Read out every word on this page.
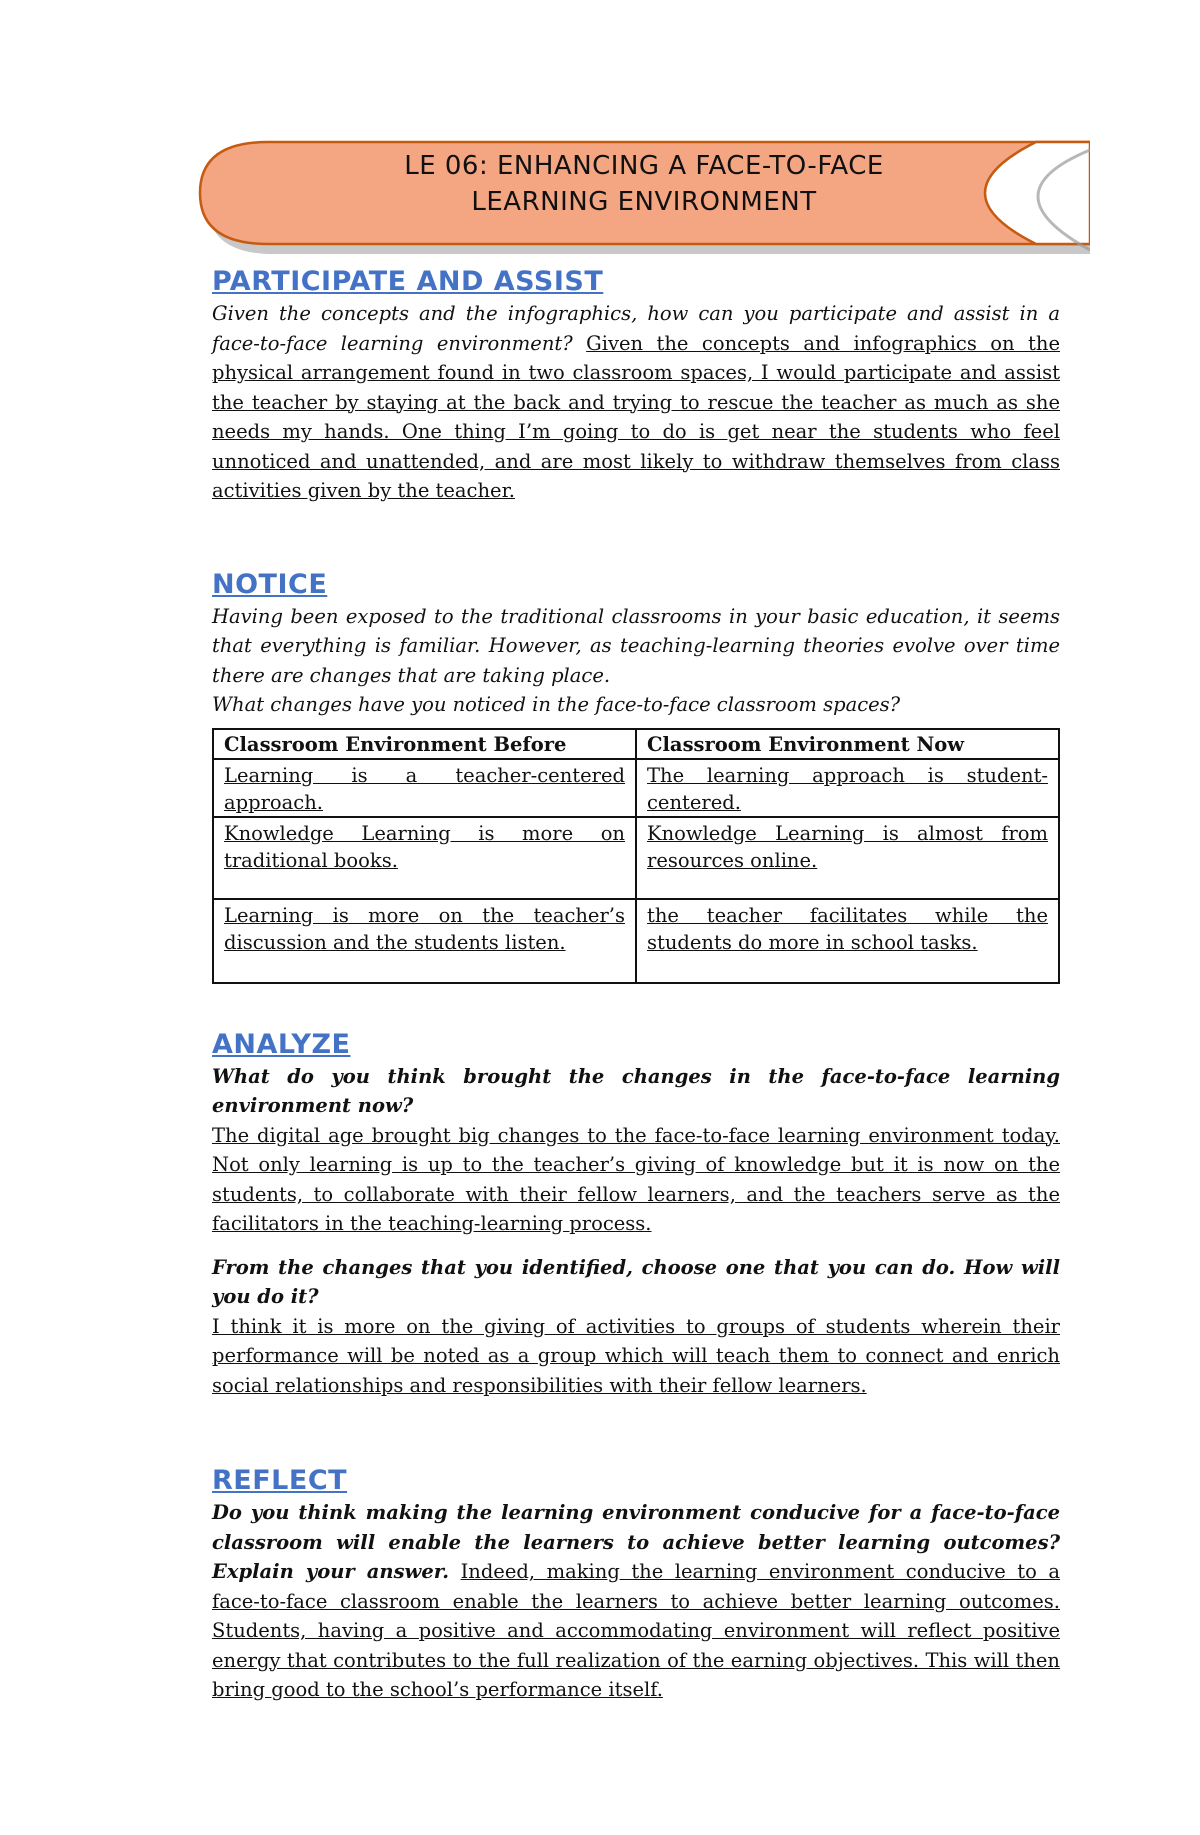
LE 06: ENHANCING A FACE-TO-FACE
LEARNING ENVIRONMENT
PARTICIPATE AND ASSIST

Given the concepts and the infographics, how can you participate and assist in a face-to-face learning environment? Given the concepts and infographics on the physical arrangement found in two classroom spaces, I would participate and assist the teacher by staying at the back and trying to rescue the teacher as much as she needs my hands. One thing I’m going to do is get near the students who feel unnoticed and unattended, and are most likely to withdraw themselves from class activities given by the teacher.

NOTICE

Having been exposed to the traditional classrooms in your basic education, it seems that everything is familiar. However, as teaching-learning theories evolve over time there are changes that are taking place.

What changes have you noticed in the face-to-face classroom spaces?

Classroom Environment Before	Classroom Environment Now
Learning is a teacher-centered approach.	The learning approach is student-centered.
Knowledge Learning is more on traditional books.	Knowledge Learning is almost from resources online.
Learning is more on the teacher’s discussion and the students listen.	the teacher facilitates while the students do more in school tasks.
ANALYZE

What do you think brought the changes in the face-to-face learning environment now?

The digital age brought big changes to the face-to-face learning environment today. Not only learning is up to the teacher’s giving of knowledge but it is now on the students, to collaborate with their fellow learners, and the teachers serve as the facilitators in the teaching-learning process.

From the changes that you identified, choose one that you can do. How will you do it?

I think it is more on the giving of activities to groups of students wherein their performance will be noted as a group which will teach them to connect and enrich social relationships and responsibilities with their fellow learners.

REFLECT

Do you think making the learning environment conducive for a face-to-face classroom will enable the learners to achieve better learning outcomes? Explain your answer. Indeed, making the learning environment conducive to a face-to-face classroom enable the learners to achieve better learning outcomes. Students, having a positive and accommodating environment will reflect positive energy that contributes to the full realization of the earning objectives. This will then bring good to the school’s performance itself.
